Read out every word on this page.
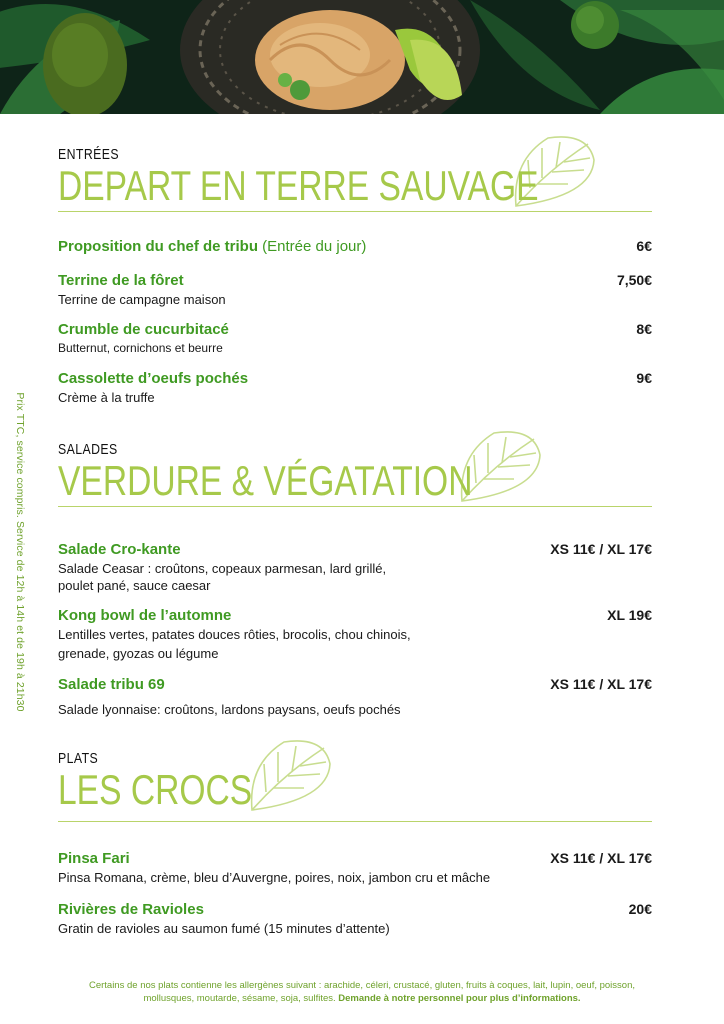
Prix TTC, service compris. Service de 12h à 14h et de 19h à 21h30
ENTRÉES
DEPART EN TERRE SAUVAGE
Proposition du chef de tribu (Entrée du jour)	6€
Terrine de la fôret
Terrine de campagne maison
7,50€
Crumble de cucurbitacé
Butternut, cornichons et beurre
8€
Cassolette d’oeufs pochés
Crème à la truffe
9€
SALADES
VERDURE & VÉGATATION
Salade Cro-kante
Salade Ceasar : croûtons, copeaux parmesan, lard grillé,
poulet pané, sauce caesar
XS 11€ / XL 17€
Kong bowl de l’automne
Lentilles vertes, patates douces rôties, brocolis, chou chinois,
grenade, gyozas ou légume
XL 19€
Salade tribu 69
Salade lyonnaise: croûtons, lardons paysans, oeufs pochés
XS 11€ / XL 17€
PLATS
LES CROCS
Pinsa Fari
Pinsa Romana, crème, bleu d’Auvergne, poires, noix, jambon cru et mâche
XS 11€ / XL 17€
Rivières de Ravioles
Gratin de ravioles au saumon fumé (15 minutes d’attente)
20€
Certains de nos plats contienne les allergènes suivant : arachide, céleri, crustacé, gluten, fruits à coques, lait, lupin, oeuf, poisson,
mollusques, moutarde, sésame, soja, sulfites. Demande à notre personnel pour plus d’informations.
